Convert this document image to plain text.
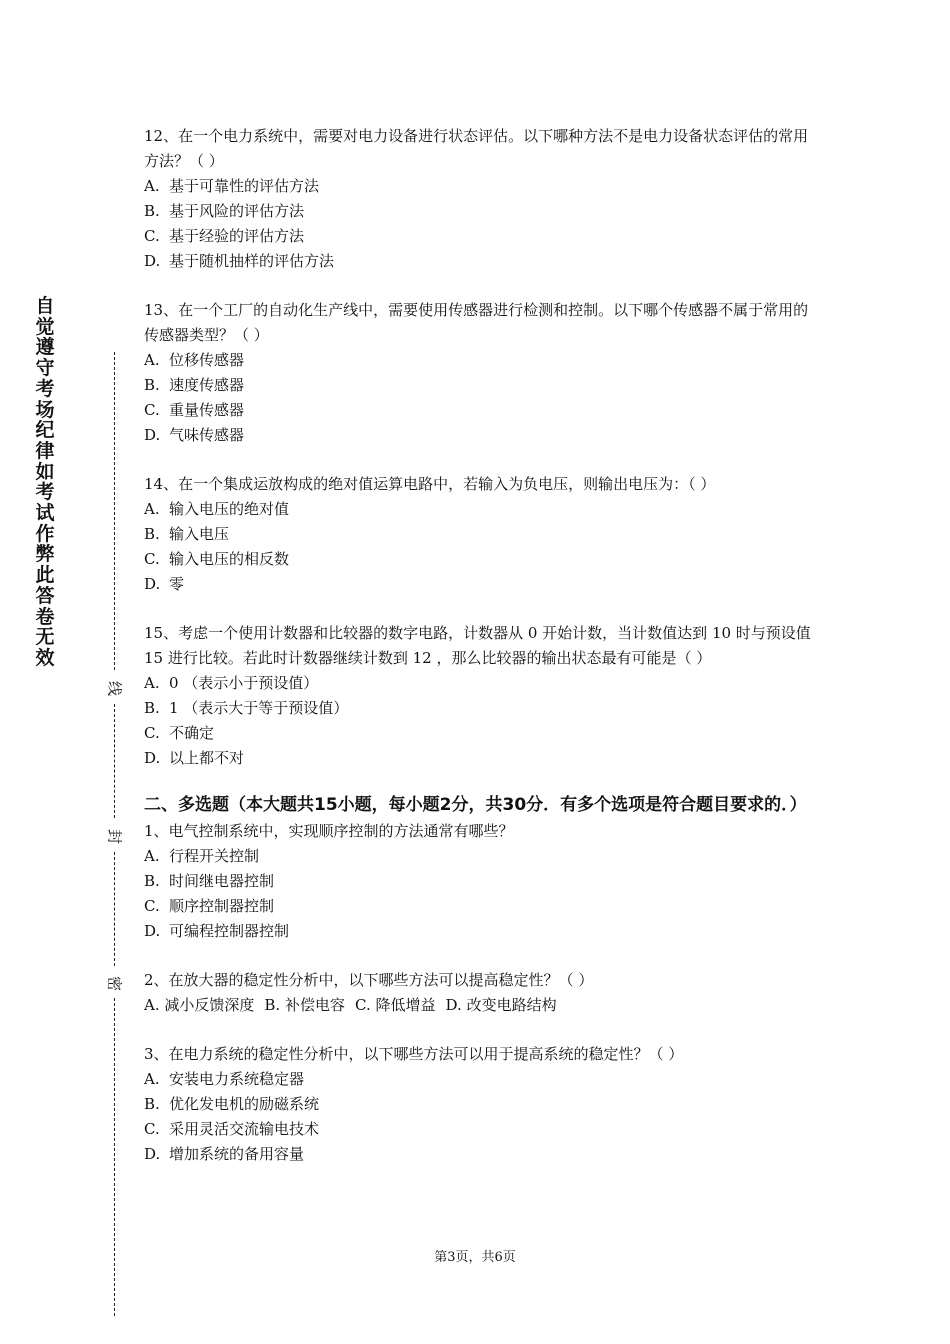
自觉遵守考场纪律如考试作弊此答卷无效
线
封
密

12、在一个电力系统中，需要对电力设备进行状态评估。以下哪种方法不是电力设备状态评估的常用方法？（ ）

A. 基于可靠性的评估方法

B. 基于风险的评估方法

C. 基于经验的评估方法

D. 基于随机抽样的评估方法

13、在一个工厂的自动化生产线中，需要使用传感器进行检测和控制。以下哪个传感器不属于常用的传感器类型？（ ）

A. 位移传感器

B. 速度传感器

C. 重量传感器

D. 气味传感器

14、在一个集成运放构成的绝对值运算电路中，若输入为负电压，则输出电压为：（ ）

A. 输入电压的绝对值

B. 输入电压

C. 输入电压的相反数

D. 零

15、考虑一个使用计数器和比较器的数字电路，计数器从 0 开始计数，当计数值达到 10 时与预设值 15 进行比较。若此时计数器继续计数到 12 ，那么比较器的输出状态最有可能是（ ）

A. 0 （表示小于预设值）

B. 1 （表示大于等于预设值）

C. 不确定

D. 以上都不对

二、多选题（本大题共15小题，每小题2分，共30分．有多个选项是符合题目要求的．）

1、电气控制系统中，实现顺序控制的方法通常有哪些？

A. 行程开关控制

B. 时间继电器控制

C. 顺序控制器控制

D. 可编程控制器控制

2、在放大器的稳定性分析中，以下哪些方法可以提高稳定性？（ ）

A. 减小反馈深度 B. 补偿电容 C. 降低增益 D. 改变电路结构

3、在电力系统的稳定性分析中，以下哪些方法可以用于提高系统的稳定性？（ ）

A. 安装电力系统稳定器

B. 优化发电机的励磁系统

C. 采用灵活交流输电技术

D. 增加系统的备用容量

第3页，共6页
